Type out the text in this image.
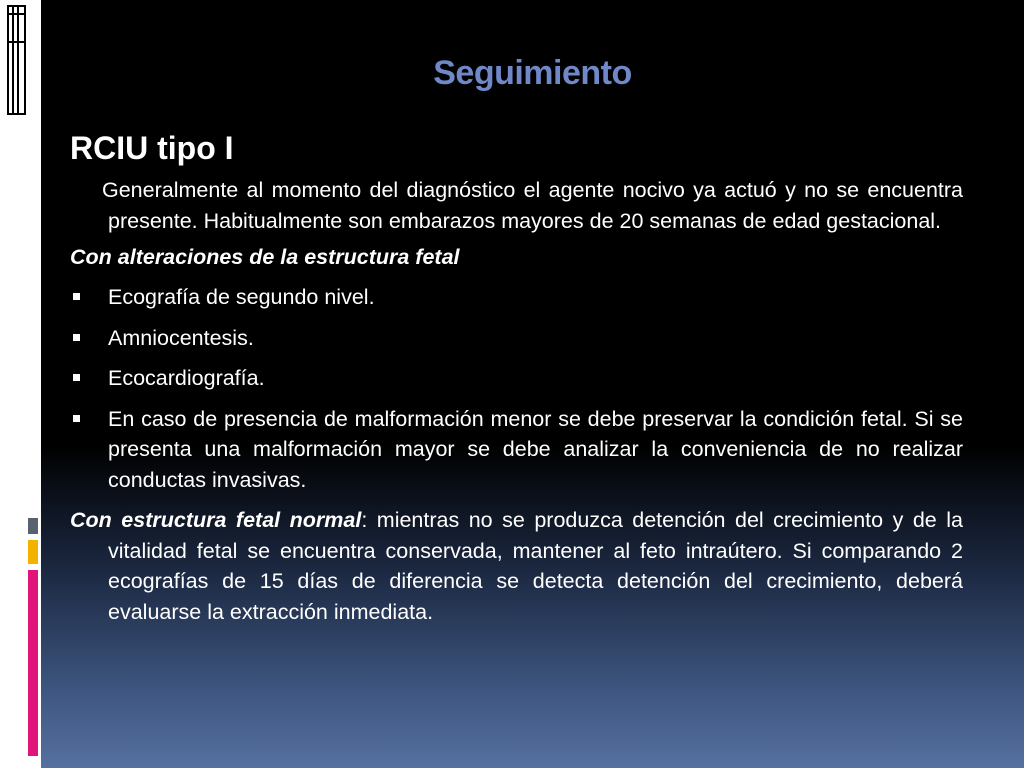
Seguimiento
RCIU tipo I

Generalmente al momento del diagnóstico el agente nocivo ya actuó y no se encuentra presente. Habitualmente son embarazos mayores de 20 semanas de edad gestacional.

Con alteraciones de la estructura fetal
Ecografía de segundo nivel.
Amniocentesis.
Ecocardiografía.
En caso de presencia de malformación menor se debe preservar la condición fetal. Si se presenta una malformación mayor se debe analizar la conveniencia de no realizar conductas invasivas.

Con estructura fetal normal: mientras no se produzca detención del crecimiento y de la vitalidad fetal se encuentra conservada, mantener al feto intraútero. Si comparando 2 ecografías de 15 días de diferencia se detecta detención del crecimiento, deberá evaluarse la extracción inmediata.
